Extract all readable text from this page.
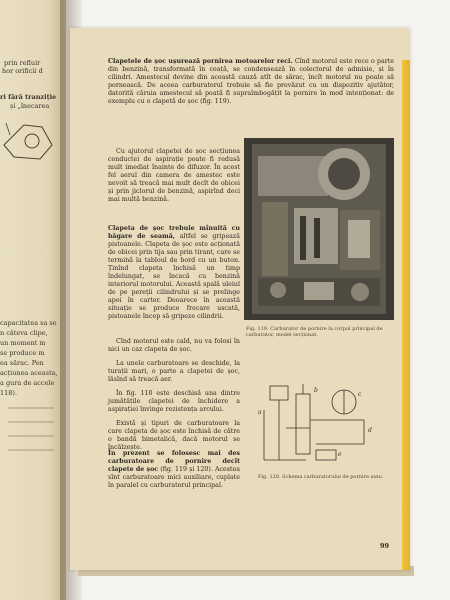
prin refluir
hor orificii d
ri fără tranziție
și „înecarea
capacitatea sa se
n câteva clipe,
un moment m
se produce m
ea sărac. Pen
acțiunea aceasta,
a gura de accele
118).

Clapetele de șoc ușurează pornirea motoarelor reci. Cînd motorul este rece o parte din benzină, transformată în ceață, se condensează în colectorul de admisie, și în cilindri. Amestecul devine din această cauză atît de sărac, încît motorul nu poate să pornească. De aceea carburatorul trebuie să fie prevăzut cu un dispozitiv ajutător, datorită căruia amestecul să poată fi supraîmbogățit la pornire în mod intenționat: de exemplu cu o clapetă de șoc (fig. 119).

Cu ajutorul clapetei de șoc secțiunea conductei de aspirație poate fi redusă mult imediat înainte de difuzor. În acest fel aerul din camera de amestec este nevoit să treacă mai mult decît de obicei și prin jiclorul de benzină, aspirînd deci mai multă benzină.

Clapeta de șoc trebuie mînuită cu băgare de seamă, altfel se gripează pistoanele. Clapeta de șoc este acționată de obicei prin tija sau prin tirant, care se termină la tabloul de bord cu un buton. Ținînd clapeta închisă un timp îndelungat, se încacă cu benzină interiorul motorului. Această spală uleiul de pe pereții cilindrului și se prelinge apoi în carter. Deoarece în această situație se produce frecare uscată, pistoanele încep să gripeze cilindrii.

Cînd motorul este cald, nu va folosi în nici un caz clapeta de șoc.

La unele carburatoare se deschide, la turații mari, o parte a clapetei de șoc, lăsînd să treacă aer.

În fig. 110 este deschisă una dintre jumătățile clapetei de închidere a aspirației învinge rezistența arcului.

Există și tipuri de carburatoare la care clapeta de șoc este închisă de către o bandă bimetalică, dacă motorul se încălzește.

În prezent se folosesc mai des carburatoare de pornire decît clapete de șoc (fig. 119 și 120). Acestea sînt carburatoare mici auxiliare, cuplate în paralel cu carburatorul principal.

Fig. 119. Carburator de pornire la corpul principal de carburator, model secționat.
a
b
c
d
e
Fig. 120. Schema carburatorului de pornire auto.
99
